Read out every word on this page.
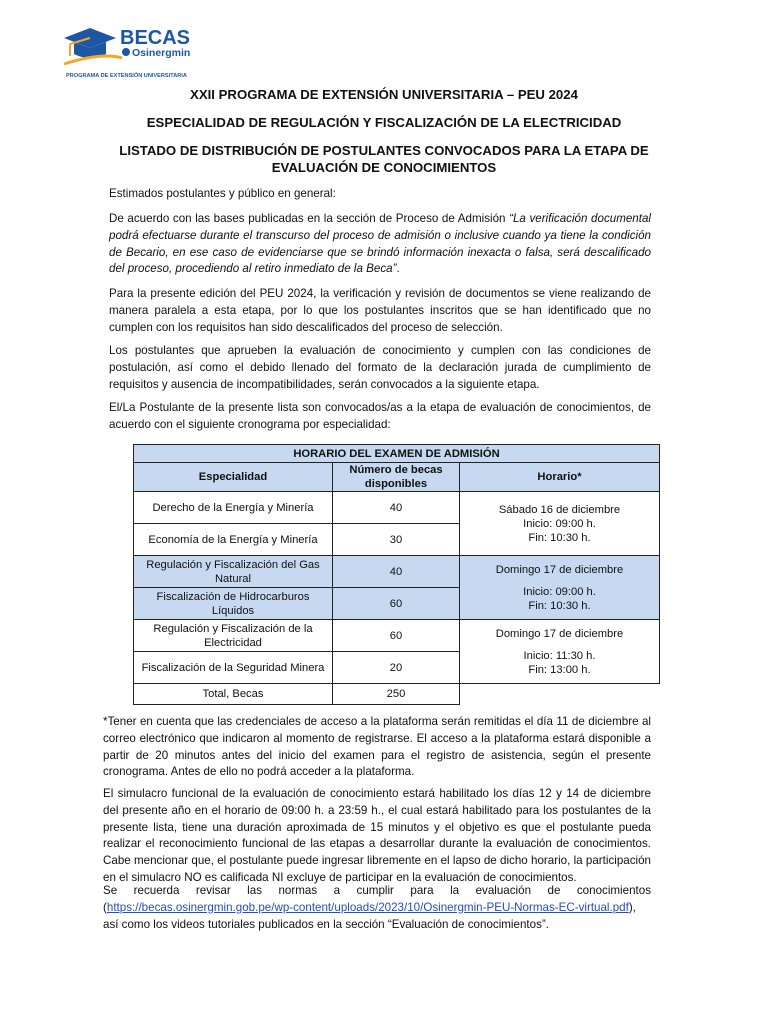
BECAS
Osinergmin
PROGRAMA DE EXTENSIÓN UNIVERSITARIA
XXII PROGRAMA DE EXTENSIÓN UNIVERSITARIA – PEU 2024
ESPECIALIDAD DE REGULACIÓN Y FISCALIZACIÓN DE LA ELECTRICIDAD
LISTADO DE DISTRIBUCIÓN DE POSTULANTES CONVOCADOS PARA LA ETAPA DE EVALUACIÓN DE CONOCIMIENTOS
Estimados postulantes y público en general:
De acuerdo con las bases publicadas en la sección de Proceso de Admisión “La verificación documental podrá efectuarse durante el transcurso del proceso de admisión o inclusive cuando ya tiene la condición de Becario, en ese caso de evidenciarse que se brindó información inexacta o falsa, será descalificado del proceso, procediendo al retiro inmediato de la Beca”.
Para la presente edición del PEU 2024, la verificación y revisión de documentos se viene realizando de manera paralela a esta etapa, por lo que los postulantes inscritos que se han identificado que no cumplen con los requisitos han sido descalificados del proceso de selección.
Los postulantes que aprueben la evaluación de conocimiento y cumplen con las condiciones de postulación, así como el debido llenado del formato de la declaración jurada de cumplimiento de requisitos y ausencia de incompatibilidades, serán convocados a la siguiente etapa.
El/La Postulante de la presente lista son convocados/as a la etapa de evaluación de conocimientos, de acuerdo con el siguiente cronograma por especialidad:
HORARIO DEL EXAMEN DE ADMISIÓN		
Especialidad	Número de becas disponibles	Horario*
Derecho de la Energía y Minería	40	Sábado 16 de diciembre
Inicio: 09:00 h.
Fin: 10:30 h.

Economía de la Energía y Minería	30	
Regulación y Fiscalización del Gas Natural	40	Domingo 17 de diciembre
Inicio: 09:00 h.
Fin: 10:30 h.

Fiscalización de Hidrocarburos Líquidos	60	
Regulación y Fiscalización de la Electricidad	60	Domingo 17 de diciembre
Inicio: 11:30 h.
Fin: 13:00 h.

Fiscalización de la Seguridad Minera	20	
Total, Becas	250	
*Tener en cuenta que las credenciales de acceso a la plataforma serán remitidas el día 11 de diciembre al correo electrónico que indicaron al momento de registrarse. El acceso a la plataforma estará disponible a partir de 20 minutos antes del inicio del examen para el registro de asistencia, según el presente cronograma. Antes de ello no podrá acceder a la plataforma.
El simulacro funcional de la evaluación de conocimiento estará habilitado los días 12 y 14 de diciembre del presente año en el horario de 09:00 h. a 23:59 h., el cual estará habilitado para los postulantes de la presente lista, tiene una duración aproximada de 15 minutos y el objetivo es que el postulante pueda realizar el reconocimiento funcional de las etapas a desarrollar durante la evaluación de conocimientos. Cabe mencionar que, el postulante puede ingresar libremente en el lapso de dicho horario, la participación en el simulacro NO es calificada NI excluye de participar en la evaluación de conocimientos.
Se recuerda revisar las normas a cumplir para la evaluación de conocimientos (https://becas.osinergmin.gob.pe/wp-content/uploads/2023/10/Osinergmin-PEU-Normas-EC-virtual.pdf), así como los videos tutoriales publicados en la sección “Evaluación de conocimientos”.
